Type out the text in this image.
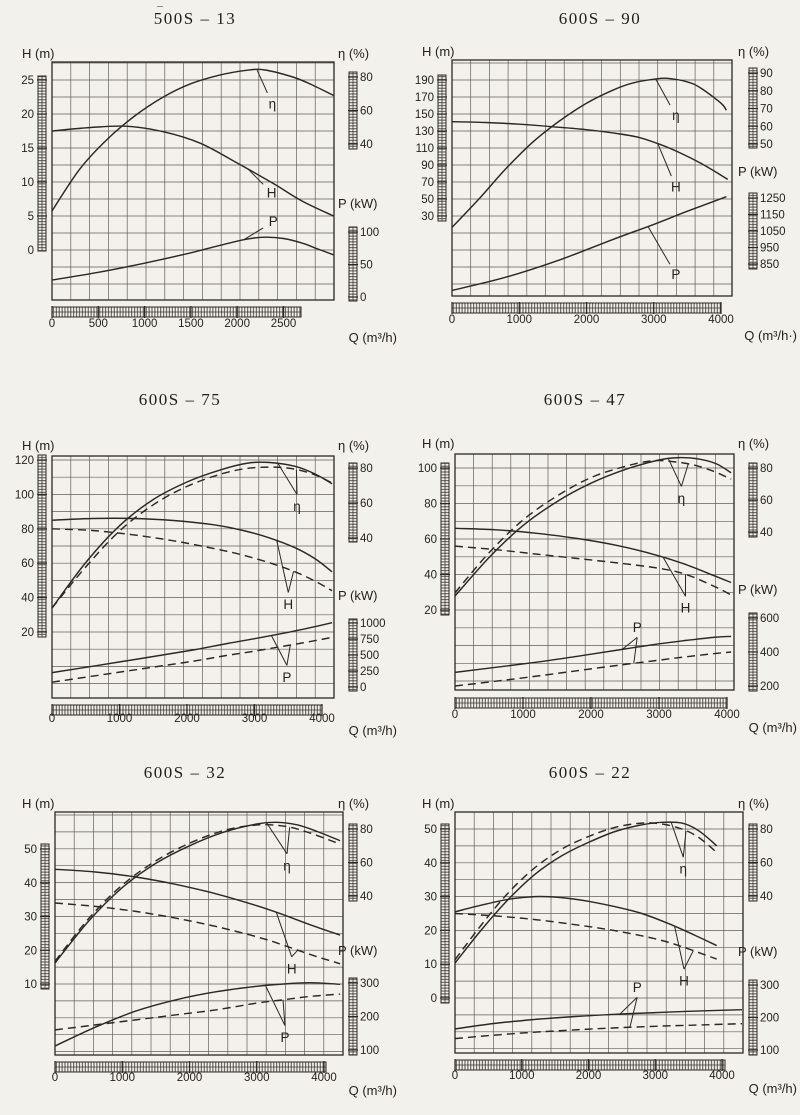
η
H
P
500S – 13
–
0
5
10
15
20
25
40
60
80
0
50
100
0	500 1000 1500 2000 2500
H (m)	η (%)
P (kW)
Q (m³/h)
η
H
P
600S – 90
30
50
70
90
110
130
150
170
190
50
60
70
80
90
850
950
1050
1150
1250
0	1000	2000	3000	4000
H (m)	η (%)
P (kW)
Q (m³/h·)
η
H
P
600S – 75
20
40
60
80
100
120
40
60
80
0
250
500
750
1000
0	1000	2000	3000	4000
H (m)	η (%)
P (kW)
Q (m³/h)
η
H
P
600S – 47
20
40
60
80
100
40
60
80
200
400
600
0	1000	2000	3000	4000
H (m)	η (%)
P (kW)
Q (m³/h)
η
H
P
600S – 32
10
20
30
40
50
40
60
80
100
200
300
0	1000	2000	3000	4000
H (m)	η (%)
P (kW)
Q (m³/h)
η
H
P
600S – 22
0
10
20
30
40
50
40
60
80
100
200
300
0	1000	2000	3000	4000
H (m)	η (%)
P (kW)
Q (m³/h)
